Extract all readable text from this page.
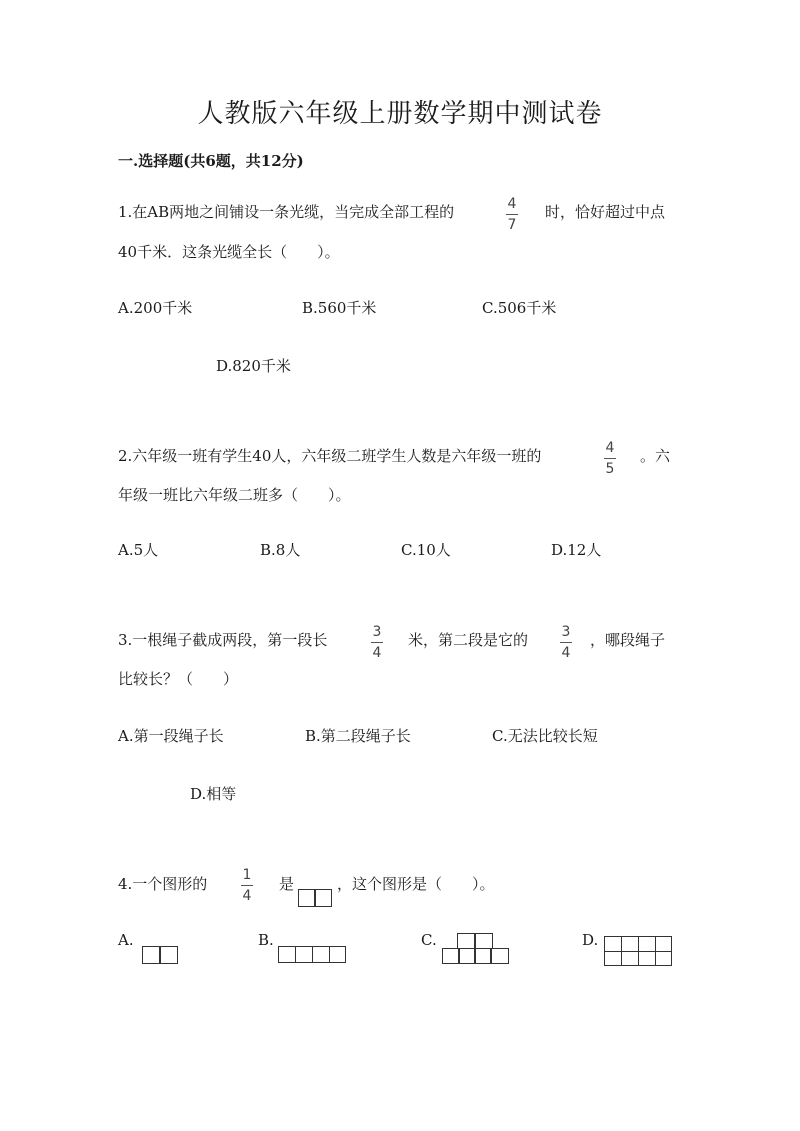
人教版六年级上册数学期中测试卷
一.选择题(共6题，共12分)
1.在AB两地之间铺设一条光缆，当完成全部工程的	4
7
时，恰好超过中点
40千米．这条光缆全长（　　）。
A.200千米	B.560千米	C.506千米
D.820千米
2.六年级一班有学生40人，六年级二班学生人数是六年级一班的	4
5
。六
年级一班比六年级二班多（　　）。
A.5人	B.8人	C.10人	D.12人
3.一根绳子截成两段，第一段长	3
4
米，第二段是它的 3
4
，哪段绳子
比较长？（　　）
A.第一段绳子长	B.第二段绳子长	C.无法比较长短
D.相等
4.一个图形的	1
4
是	，这个图形是（　　）。
A.	B.	C.	D.
